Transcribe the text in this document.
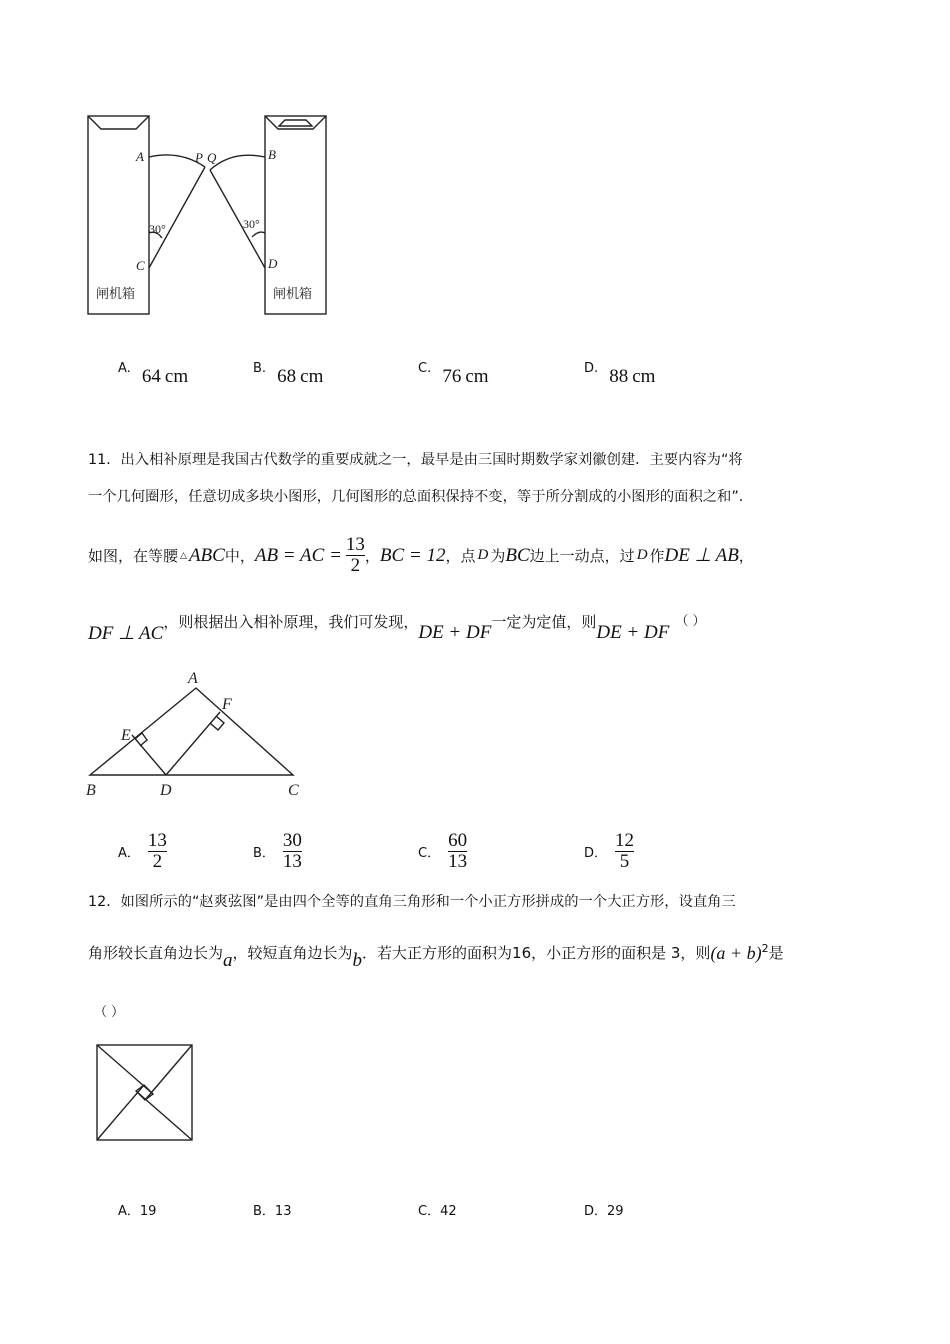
A
C
P Q	B
D
30°	30°
闸机箱	闸机箱
A. 64 cm	B. 68 cm	C. 76 cm	D. 88 cm
11．出入相补原理是我国古代数学的重要成就之一，最早是由三国时期数学家刘徽创建．主要内容为“将
一个几何圈形，任意切成多块小图形，几何图形的总面积保持不变，等于所分割成的小图形的面积之和”．
如图，在等腰 △ ABC 中， AB = AC = $\frac{13}{2}$ ， BC = 12 ，点 D 为 BC 边上一动点，过 D 作 DE ⊥ AB ，
DF ⊥ AC
，则根据出入相补原理，我们可发现， DE + DF 一定为定值，则 DE + DF
（ ）
A
B	C
D
E
F
A． $\frac{13}{2}$	B． $\frac{30}{13}$	C． $\frac{60}{13}$	D． $\frac{12}{5}$
12．如图所示的“赵爽弦图”是由四个全等的直角三角形和一个小正方形拼成的一个大正方形，设直角三
角形较长直角边长为 a ，较短直角边长为 b ．若大正方形的面积为16，小正方形的面积是 3，则 (a + b) 2 是
（ ）
A．19	B．13	C．42	D．29
